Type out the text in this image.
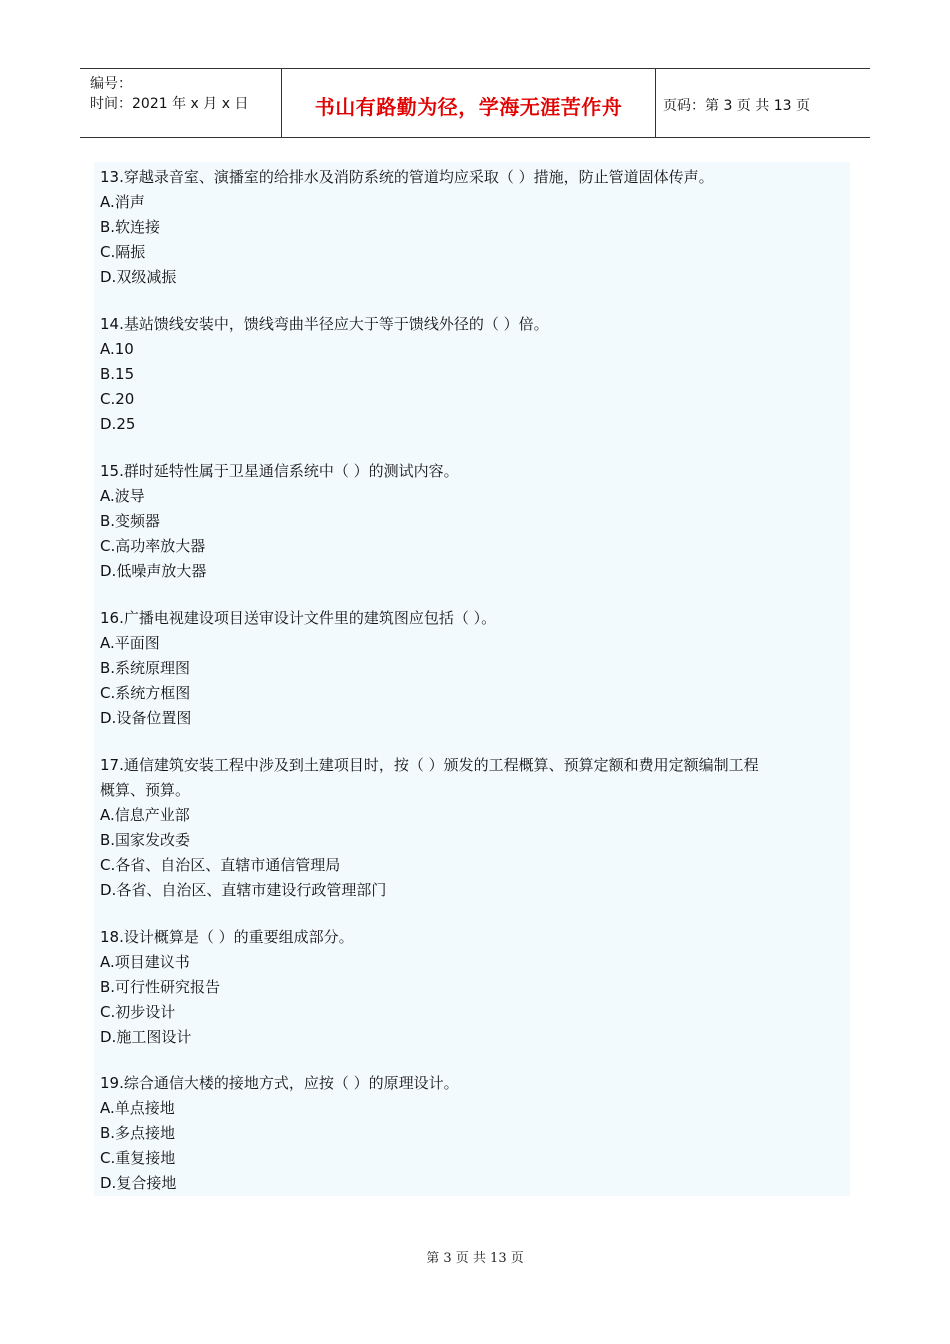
编号：
时间：2021 年 x 月 x 日	书山有路勤为径，学海无涯苦作舟	页码：第 3 页 共 13 页

13.穿越录音室、演播室的给排水及消防系统的管道均应采取（ ）措施，防止管道固体传声。

A.消声

B.软连接

C.隔振

D.双级减振

14.基站馈线安装中，馈线弯曲半径应大于等于馈线外径的（ ）倍。

A.10

B.15

C.20

D.25

15.群时延特性属于卫星通信系统中（ ）的测试内容。

A.波导

B.变频器

C.高功率放大器

D.低噪声放大器

16.广播电视建设项目送审设计文件里的建筑图应包括（ ）。

A.平面图

B.系统原理图

C.系统方框图

D.设备位置图

17.通信建筑安装工程中涉及到土建项目时，按（ ）颁发的工程概算、预算定额和费用定额编制工程

概算、预算。

A.信息产业部

B.国家发改委

C.各省、自治区、直辖市通信管理局

D.各省、自治区、直辖市建设行政管理部门

18.设计概算是（ ）的重要组成部分。

A.项目建议书

B.可行性研究报告

C.初步设计

D.施工图设计

19.综合通信大楼的接地方式，应按（ ）的原理设计。

A.单点接地

B.多点接地

C.重复接地

D.复合接地

第 3 页 共 13 页
